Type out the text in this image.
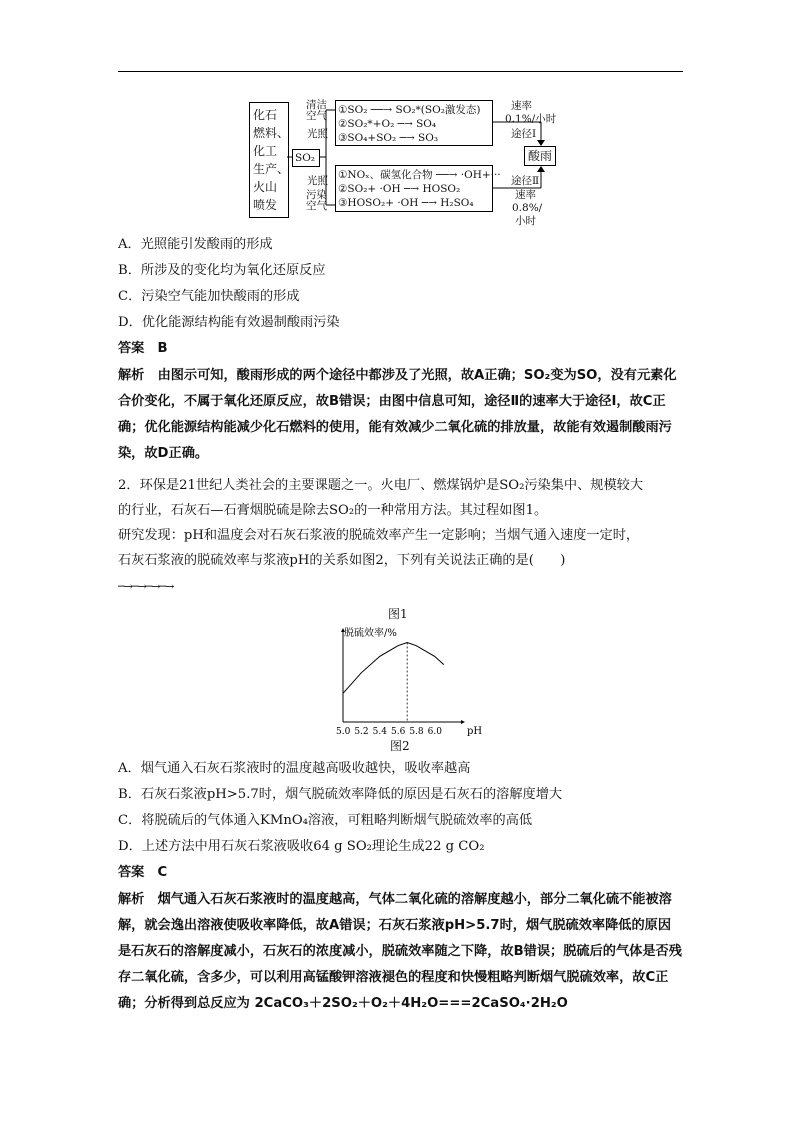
化石
燃料、
化工
生产、
火山
喷发
SO₂
清洁空气
光照
光照
污染空气
①SO₂ ──→ SO₂*(SO₂激发态)
②SO₂*+O₂ ─→ SO₄
③SO₄+SO₂ ─→ SO₃
①NOₓ、碳氢化合物 ──→ ·OH+···
②SO₂+ ·OH ─→ HOSO₂
③HOSO₂+ ·OH ─→ H₂SO₄
速率
0.1%/小时
途径Ⅰ
酸雨
途径Ⅱ
速率
0.8%/
小时
A．光照能引发酸雨的形成
B．所涉及的变化均为氧化还原反应
C．污染空气能加快酸雨的形成
D．优化能源结构能有效遏制酸雨污染
答案　B
解析　由图示可知，酸雨形成的两个途径中都涉及了光照，故A正确；SO₂变为SO，没有元素化合价变化，不属于氧化还原反应，故B错误；由图中信息可知，途径Ⅱ的速率大于途径Ⅰ，故C正确；优化能源结构能减少化石燃料的使用，能有效减少二氧化硫的排放量，故能有效遏制酸雨污染，故D正确。
2．环保是21世纪人类社会的主要课题之一。火电厂、燃煤锅炉是SO₂污染集中、规模较大
的行业，石灰石—石膏烟脱硫是除去SO₂的一种常用方法。其过程如图1。
研究发现：pH和温度会对石灰石浆液的脱硫效率产生一定影响；当烟气通入速度一定时，
石灰石浆液的脱硫效率与浆液pH的关系如图2，下列有关说法正确的是(　　)
─→─→─→─→
图1
脱硫效率/%
pH
5.0 5.2 5.4 5.6 5.8 6.0
图2
A．烟气通入石灰石浆液时的温度越高吸收越快，吸收率越高
B．石灰石浆液pH>5.7时，烟气脱硫效率降低的原因是石灰石的溶解度增大
C．将脱硫后的气体通入KMnO₄溶液，可粗略判断烟气脱硫效率的高低
D．上述方法中用石灰石浆液吸收64 g SO₂理论生成22 g CO₂
答案　C
解析　烟气通入石灰石浆液时的温度越高，气体二氧化硫的溶解度越小，部分二氧化硫不能被溶解，就会逸出溶液使吸收率降低，故A错误；石灰石浆液pH>5.7时，烟气脱硫效率降低的原因是石灰石的溶解度减小，石灰石的浓度减小，脱硫效率随之下降，故B错误；脱硫后的气体是否残存二氧化硫，含多少，可以利用高锰酸钾溶液褪色的程度和快慢粗略判断烟气脱硫效率，故C正确；分析得到总反应为 2CaCO₃＋2SO₂＋O₂＋4H₂O===2CaSO₄·2H₂O
